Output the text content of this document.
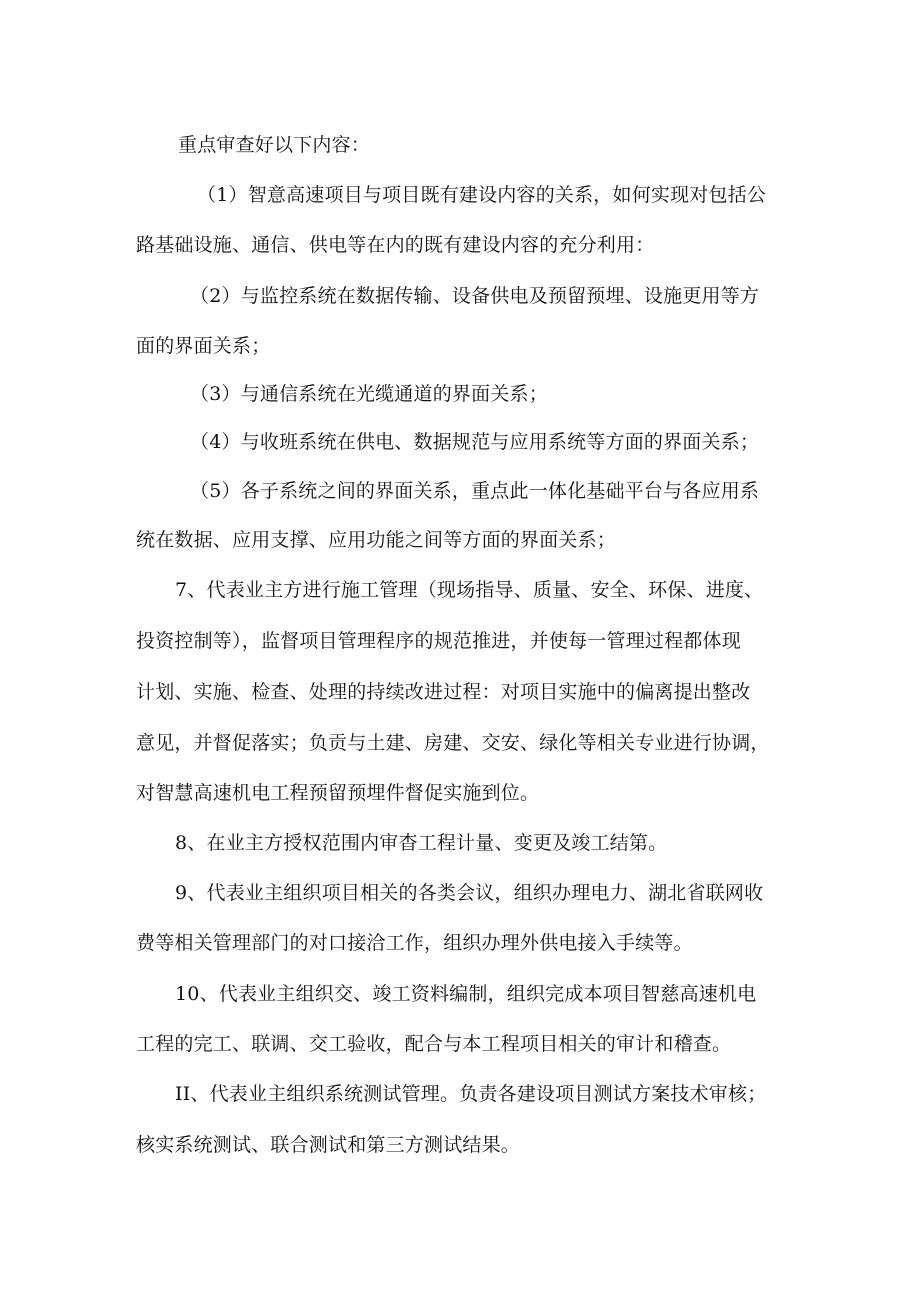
重点审查好以下内容：
（1）智意高速项目与项目既有建设内容的关系，如何实现对包括公
路基础设施、通信、供电等在内的既有建设内容的充分利用：
（2）与监控系统在数据传输、设备供电及预留预埋、设施更用等方
面的界面关系；
（3）与通信系统在光缆通道的界面关系；
（4）与收班系统在供电、数据规范与应用系统等方面的界面关系；
（5）各子系统之间的界面关系，重点此一体化基础平台与各应用系
统在数据、应用支撑、应用功能之间等方面的界面关系；
7、代表业主方进行施工管理（现场指导、质量、安全、环保、进度、
投资控制等），监督项目管理程序的规范推进，并使每一管理过程都体现
计划、实施、检查、处理的持续改进过程：对项目实施中的偏离提出整改
意见，并督促落实；负贡与土建、房建、交安、绿化等相关专业进行协调，
对智慧高速机电工程预留预埋件督促实施到位。
8、在业主方授权范围内审杳工程计量、变更及竣工结第。
9、代表业主组织项目相关的各类会议，组织办理电力、湖北省联网收
费等相关管理部门的对口接洽工作，组织办理外供电接入手续等。
10、代表业主组织交、竣工资料编制，组织完成本项目智慈高速机电
工程的完工、联调、交工验收，配合与本工程项目相关的审计和稽查。
II、代表业主组织系统测试管理。负责各建设项目测试方案技术审核；
核实系统测试、联合测试和第三方测试结果。
